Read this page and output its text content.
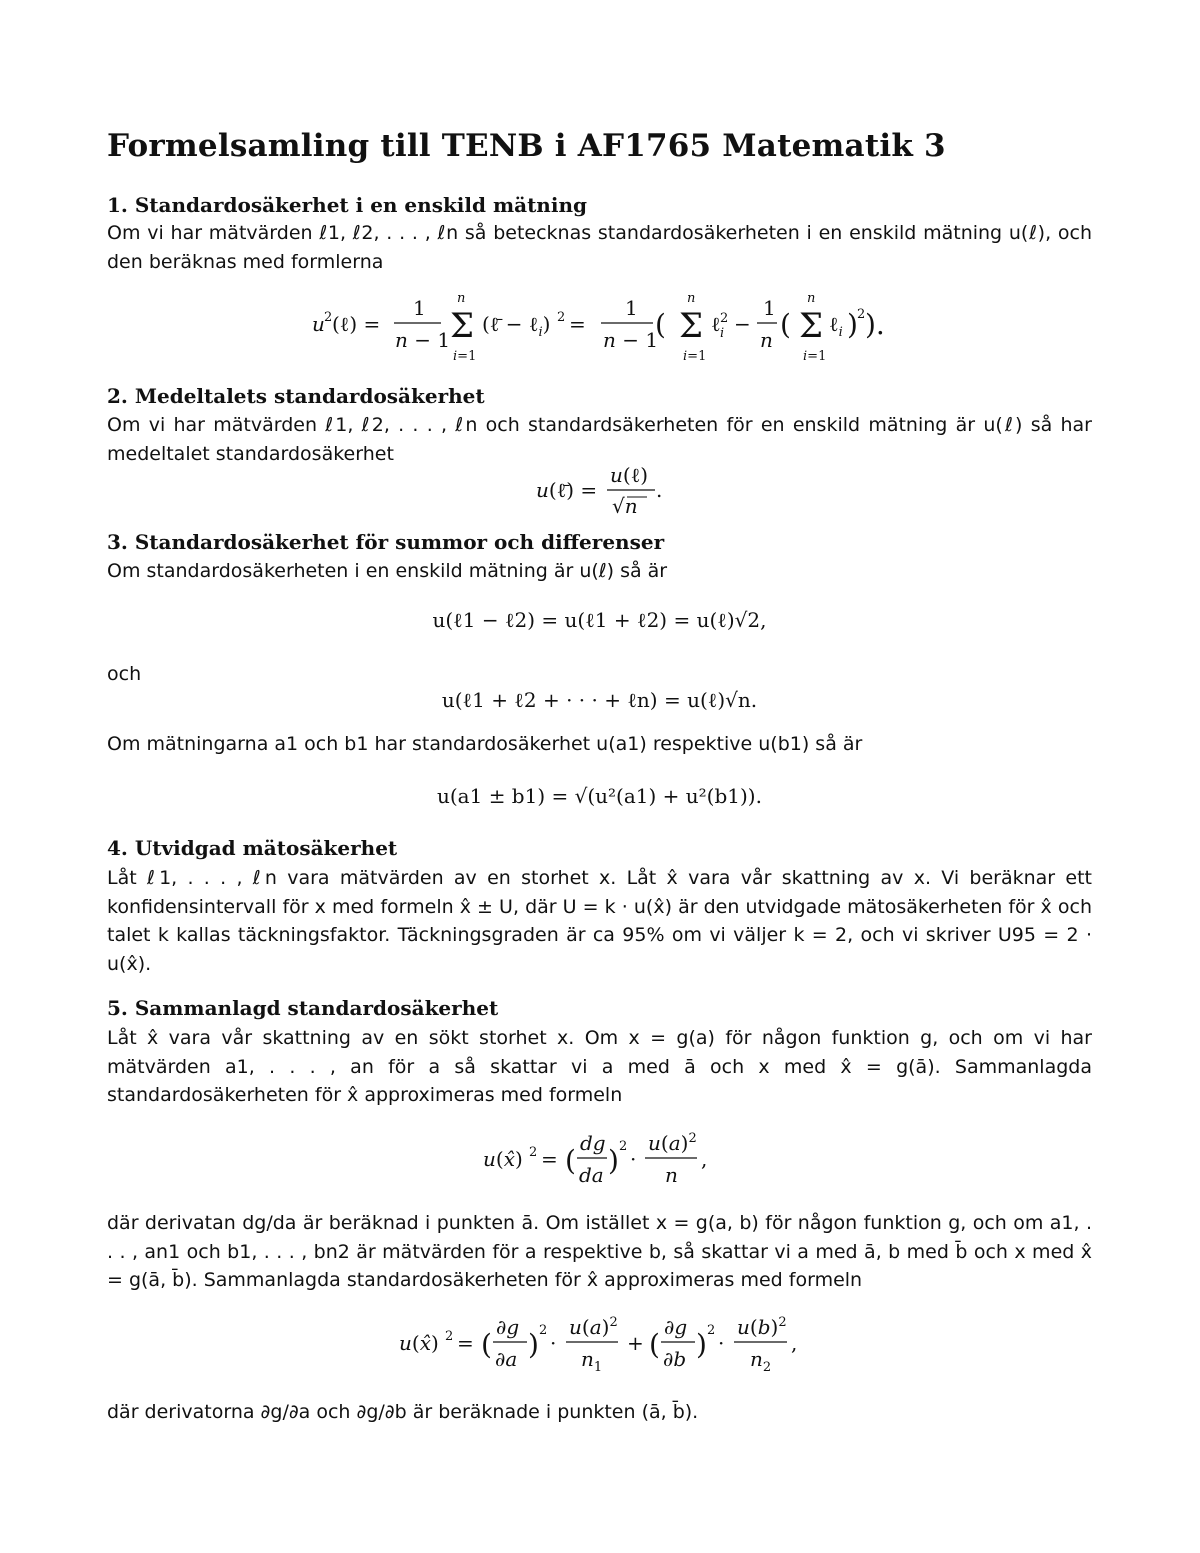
Formelsamling till TENB i AF1765 Matematik 3
1. Standardosäkerhet i en enskild mätning

Om vi har mätvärden ℓ1, ℓ2, . . . , ℓn så betecknas standardosäkerheten i en enskild mätning u(ℓ), och den beräknas med formlerna

u 2 (ℓ) =
1
n − 1
n
Σ
i=1
(ℓ̄ − ℓ$_i$) 2 =
1
n − 1
(
n
Σ
i=1
ℓ 2
i −
1
n (
n
Σ
i=1
ℓ$_i$ ) 2 ).
2. Medeltalets standardosäkerhet

Om vi har mätvärden ℓ1, ℓ2, . . . , ℓn och standardsäkerheten för en enskild mätning är u(ℓ) så har medeltalet standardosäkerhet

u(ℓ̄) =
u(ℓ)
√n
.
3. Standardosäkerhet för summor och differenser

Om standardosäkerheten i en enskild mätning är u(ℓ) så är

u(ℓ1 − ℓ2) = u(ℓ1 + ℓ2) = u(ℓ)√2,

och

u(ℓ1 + ℓ2 + · · · + ℓn) = u(ℓ)√n.

Om mätningarna a1 och b1 har standardosäkerhet u(a1) respektive u(b1) så är

u(a1 ± b1) = √(u²(a1) + u²(b1)).
4. Utvidgad mätosäkerhet

Låt ℓ1, . . . , ℓn vara mätvärden av en storhet x. Låt x̂ vara vår skattning av x. Vi beräknar ett konfidensintervall för x med formeln x̂ ± U, där U = k · u(x̂) är den utvidgade mätosäkerheten för x̂ och talet k kallas täckningsfaktor. Täckningsgraden är ca 95% om vi väljer k = 2, och vi skriver U95 = 2 · u(x̂).

5. Sammanlagd standardosäkerhet

Låt x̂ vara vår skattning av en sökt storhet x. Om x = g(a) för någon funktion g, och om vi har mätvärden a1, . . . , an för a så skattar vi a med ā och x med x̂ = g(ā). Sammanlagda standardosäkerheten för x̂ approximeras med formeln

u(x̂) 2 = (
dg
da ) 2
·
$u(a)^2$
n
,

där derivatan dg/da är beräknad i punkten ā. Om istället x = g(a, b) för någon funktion g, och om a1, . . . , an1 och b1, . . . , bn2 är mätvärden för a respektive b, så skattar vi a med ā, b med b̄ och x med x̂ = g(ā, b̄). Sammanlagda standardosäkerheten för x̂ approximeras med formeln

u(x̂) 2 = (
∂g
∂a ) 2
·
$u(a)^2$
$n_1$
+ (
∂g
∂b ) 2
·
$u(b)^2$
$n_2$
,

där derivatorna ∂g/∂a och ∂g/∂b är beräknade i punkten (ā, b̄).
